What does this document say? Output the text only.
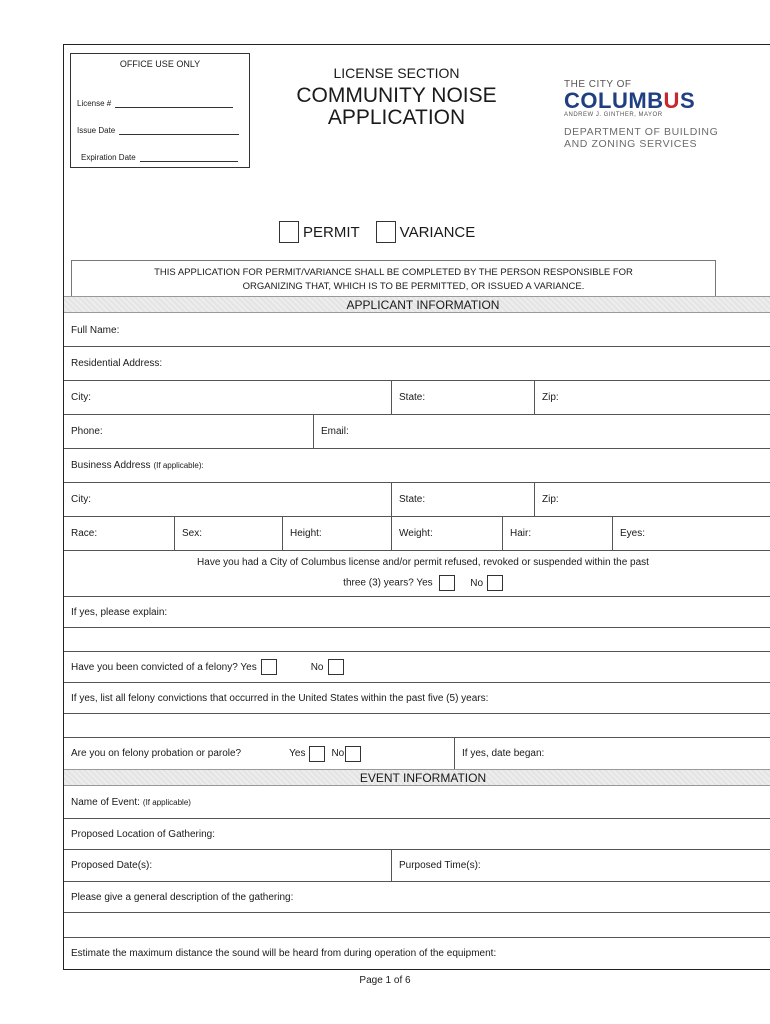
OFFICE USE ONLY
License #
Issue Date
Expiration Date
LICENSE SECTION
COMMUNITY NOISE
APPLICATION
THE CITY OF
COLUMBUS
ANDREW J. GINTHER, MAYOR
DEPARTMENT OF BUILDING
AND ZONING SERVICES
PERMIT	VARIANCE
THIS APPLICATION FOR PERMIT/VARIANCE SHALL BE COMPLETED BY THE PERSON RESPONSIBLE FOR
ORGANIZING THAT, WHICH IS TO BE PERMITTED, OR ISSUED A VARIANCE.
APPLICANT INFORMATION
Full Name:
Residential Address:
City:	State:	Zip:
Phone:	Email:
Business Address (If applicable):
City:	State:	Zip:
Race:	Sex:	Height:	Weight:	Hair:	Eyes:
Have you had a City of Columbus license and/or permit refused, revoked or suspended within the past
three (3) years? Yes	No
If yes, please explain:
Have you been convicted of a felony? Yes	No
If yes, list all felony convictions that occurred in the United States within the past five (5) years:
Are you on felony probation or parole?	Yes	No	If yes, date began:
EVENT INFORMATION
Name of Event: (If applicable)
Proposed Location of Gathering:
Proposed Date(s):	Purposed Time(s):
Please give a general description of the gathering:
Estimate the maximum distance the sound will be heard from during operation of the equipment:
Page 1 of 6
